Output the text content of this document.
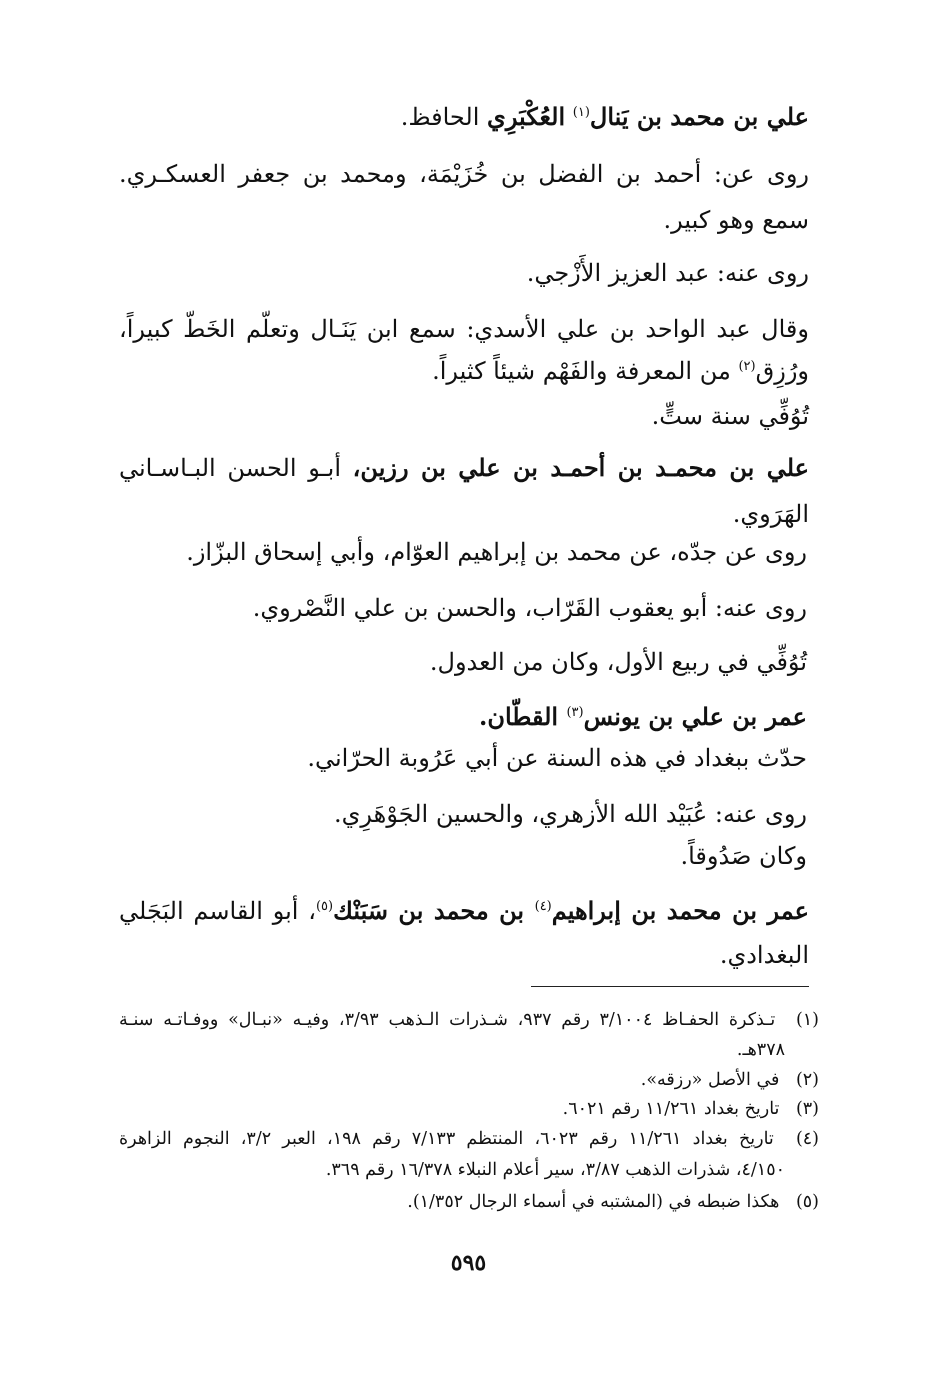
علي بن محمد بن يَنال$^{(١)}$ العُكْبَرِي الحافظ.
روى عن: أحمد بن الفضل بن خُزَيْمَة، ومحمد بن جعفر العسكـري.
سمع وهو كبير.
روى عنه: عبد العزيز الأَزْجي.
وقال عبد الواحد بن علي الأسدي: سمع ابن يَنَـال وتعلّم الخَطّ كبيراً،
ورُزِق$^{(٢)}$ من المعرفة والفَهْم شيئاً كثيراً.
تُوُفِّي سنة ستٍّ.
علي بن محمـد بن أحمـد بن علي بن رزين، أبـو الحسن البـاسـاني
الهَرَوي.
روى عن جدّه، عن محمد بن إبراهيم العوّام، وأبي إسحاق البزّاز.
روى عنه: أبو يعقوب القَرّاب، والحسن بن علي النَّصْروي.
تُوُفِّي في ربيع الأول، وكان من العدول.
عمر بن علي بن يونس$^{(٣)}$ القطّان.
حدّث ببغداد في هذه السنة عن أبي عَرُوبة الحرّاني.
روى عنه: عُبَيْد الله الأزهري، والحسين الجَوْهَرِي.
وكان صَدُوقاً.
عمر بن محمد بن إبراهيم$^{(٤)}$ بن محمد بن سَبَنْك$^{(٥)}$، أبو القاسم البَجَلي
البغدادي.
(١) تـذكرة الحفـاظ ٣/١٠٠٤ رقم ٩٣٧، شـذرات الـذهب ٣/٩٣، وفيـه «نبـال» ووفـاتـه سنـة
٣٧٨هـ.
(٢) في الأصل «رزقه».
(٣) تاريخ بغداد ١١/٢٦١ رقم ٦٠٢١.
(٤) تاريخ بغداد ١١/٢٦١ رقم ٦٠٢٣، المنتظم ٧/١٣٣ رقم ١٩٨، العبر ٣/٢، النجوم الزاهرة
٤/١٥٠، شذرات الذهب ٣/٨٧، سير أعلام النبلاء ١٦/٣٧٨ رقم ٣٦٩.
(٥) هكذا ضبطه في (المشتبه في أسماء الرجال ١/٣٥٢).
٥٩٥
